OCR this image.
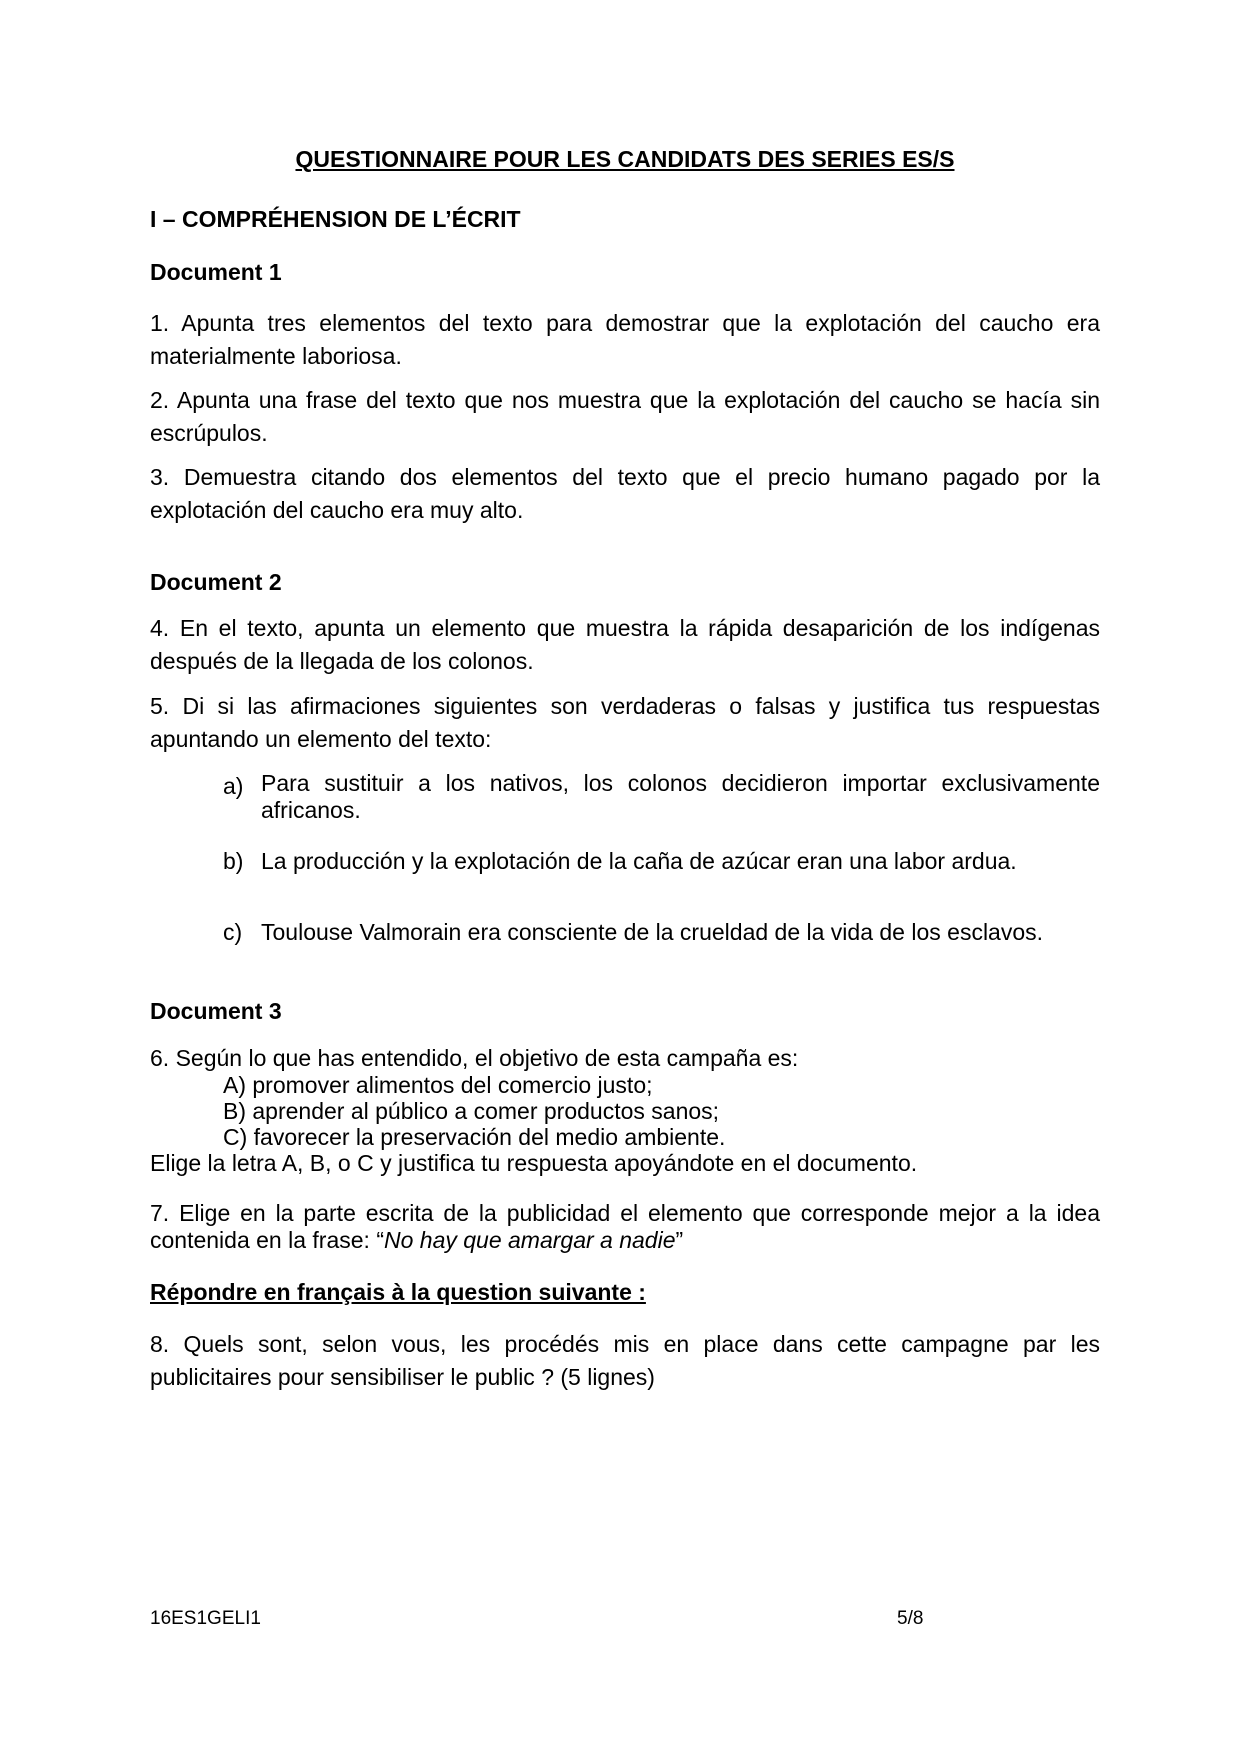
QUESTIONNAIRE POUR LES CANDIDATS DES SERIES ES/S
I – COMPRÉHENSION DE L’ÉCRIT
Document 1
1. Apunta tres elementos del texto para demostrar que la explotación del caucho era materialmente laboriosa.
2. Apunta una frase del texto que nos muestra que la explotación del caucho se hacía sin escrúpulos.
3. Demuestra citando dos elementos del texto que el precio humano pagado por la explotación del caucho era muy alto.
Document 2
4. En el texto, apunta un elemento que muestra la rápida desaparición de los indígenas después de la llegada de los colonos.
5. Di si las afirmaciones siguientes son verdaderas o falsas y justifica tus respuestas apuntando un elemento del texto:
a) Para sustituir a los nativos, los colonos decidieron importar exclusivamente africanos.
b) La producción y la explotación de la caña de azúcar eran una labor ardua.
c) Toulouse Valmorain era consciente de la crueldad de la vida de los esclavos.
Document 3
6. Según lo que has entendido, el objetivo de esta campaña es:
A) promover alimentos del comercio justo;
B) aprender al público a comer productos sanos;
C) favorecer la preservación del medio ambiente.
Elige la letra A, B, o C y justifica tu respuesta apoyándote en el documento.
7. Elige en la parte escrita de la publicidad el elemento que corresponde mejor a la idea contenida en la frase: “No hay que amargar a nadie”
Répondre en français à la question suivante :
8. Quels sont, selon vous, les procédés mis en place dans cette campagne par les publicitaires pour sensibiliser le public ? (5 lignes)
16ES1GELI1	5/8
